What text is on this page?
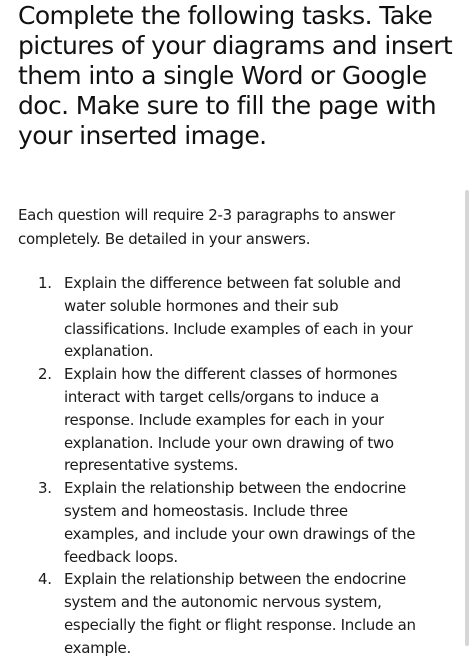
Complete the following tasks. Take
pictures of your diagrams and insert
them into a single Word or Google
doc. Make sure to fill the page with
your inserted image.

Each question will require 2-3 paragraphs to answer
completely. Be detailed in your answers.

1. Explain the difference between fat soluble and
water soluble hormones and their sub
classifications. Include examples of each in your
explanation.
2. Explain how the different classes of hormones
interact with target cells/organs to induce a
response. Include examples for each in your
explanation. Include your own drawing of two
representative systems.
3. Explain the relationship between the endocrine
system and homeostasis. Include three
examples, and include your own drawings of the
feedback loops.
4. Explain the relationship between the endocrine
system and the autonomic nervous system,
especially the fight or flight response. Include an
example.
